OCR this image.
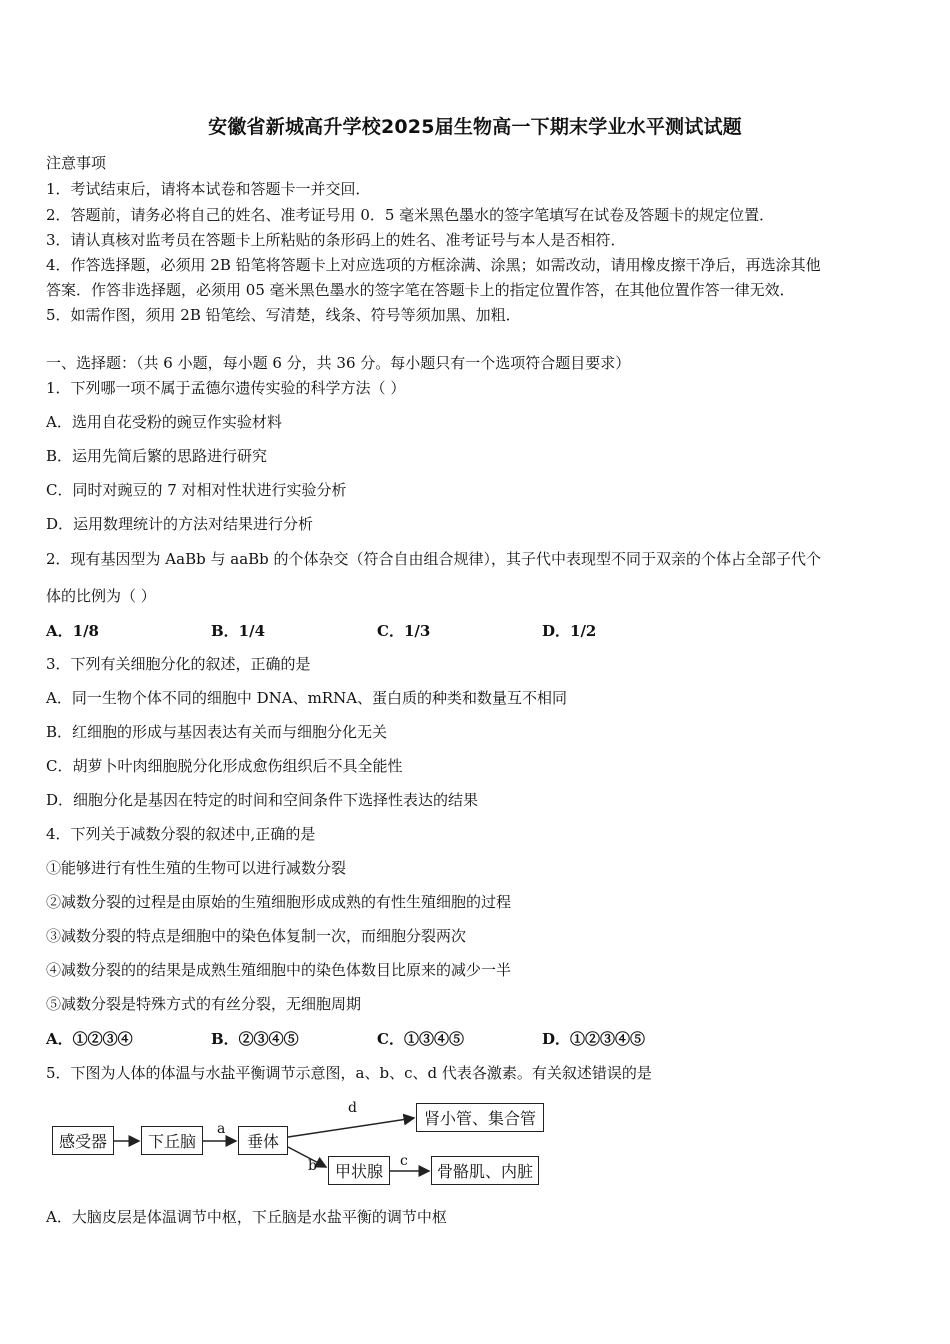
安徽省新城高升学校2025届生物高一下期末学业水平测试试题
注意事项
1．考试结束后，请将本试卷和答题卡一并交回．
2．答题前，请务必将自己的姓名、准考证号用 0．5 毫米黑色墨水的签字笔填写在试卷及答题卡的规定位置．
3．请认真核对监考员在答题卡上所粘贴的条形码上的姓名、准考证号与本人是否相符．
4．作答选择题，必须用 2B 铅笔将答题卡上对应选项的方框涂满、涂黑；如需改动，请用橡皮擦干净后，再选涂其他
答案．作答非选择题，必须用 05 毫米黑色墨水的签字笔在答题卡上的指定位置作答，在其他位置作答一律无效．
5．如需作图，须用 2B 铅笔绘、写清楚，线条、符号等须加黑、加粗．
一、选择题：（共 6 小题，每小题 6 分，共 36 分。每小题只有一个选项符合题目要求）
1．下列哪一项不属于孟德尔遗传实验的科学方法（ ）
A．选用自花受粉的豌豆作实验材料
B．运用先简后繁的思路进行研究
C．同时对豌豆的 7 对相对性状进行实验分析
D．运用数理统计的方法对结果进行分析
2．现有基因型为 AaBb 与 aaBb 的个体杂交（符合自由组合规律），其子代中表现型不同于双亲的个体占全部子代个
体的比例为（ ）
A．1/8	B．1/4	C．1/3	D．1/2
3．下列有关细胞分化的叙述，正确的是
A．同一生物个体不同的细胞中 DNA、mRNA、蛋白质的种类和数量互不相同
B．红细胞的形成与基因表达有关而与细胞分化无关
C．胡萝卜叶肉细胞脱分化形成愈伤组织后不具全能性
D．细胞分化是基因在特定的时间和空间条件下选择性表达的结果
4．下列关于减数分裂的叙述中,正确的是
①能够进行有性生殖的生物可以进行减数分裂
②减数分裂的过程是由原始的生殖细胞形成成熟的有性生殖细胞的过程
③减数分裂的特点是细胞中的染色体复制一次，而细胞分裂两次
④减数分裂的的结果是成熟生殖细胞中的染色体数目比原来的减少一半
⑤减数分裂是特殊方式的有丝分裂，无细胞周期
A．①②③④	B．②③④⑤	C．①③④⑤	D．①②③④⑤
5．下图为人体的体温与水盐平衡调节示意图，a、b、c、d 代表各激素。有关叙述错误的是
感受器	下丘脑	垂体
肾小管、集合管
甲状腺	骨骼肌、内脏
a
d
b	c
A．大脑皮层是体温调节中枢，下丘脑是水盐平衡的调节中枢
